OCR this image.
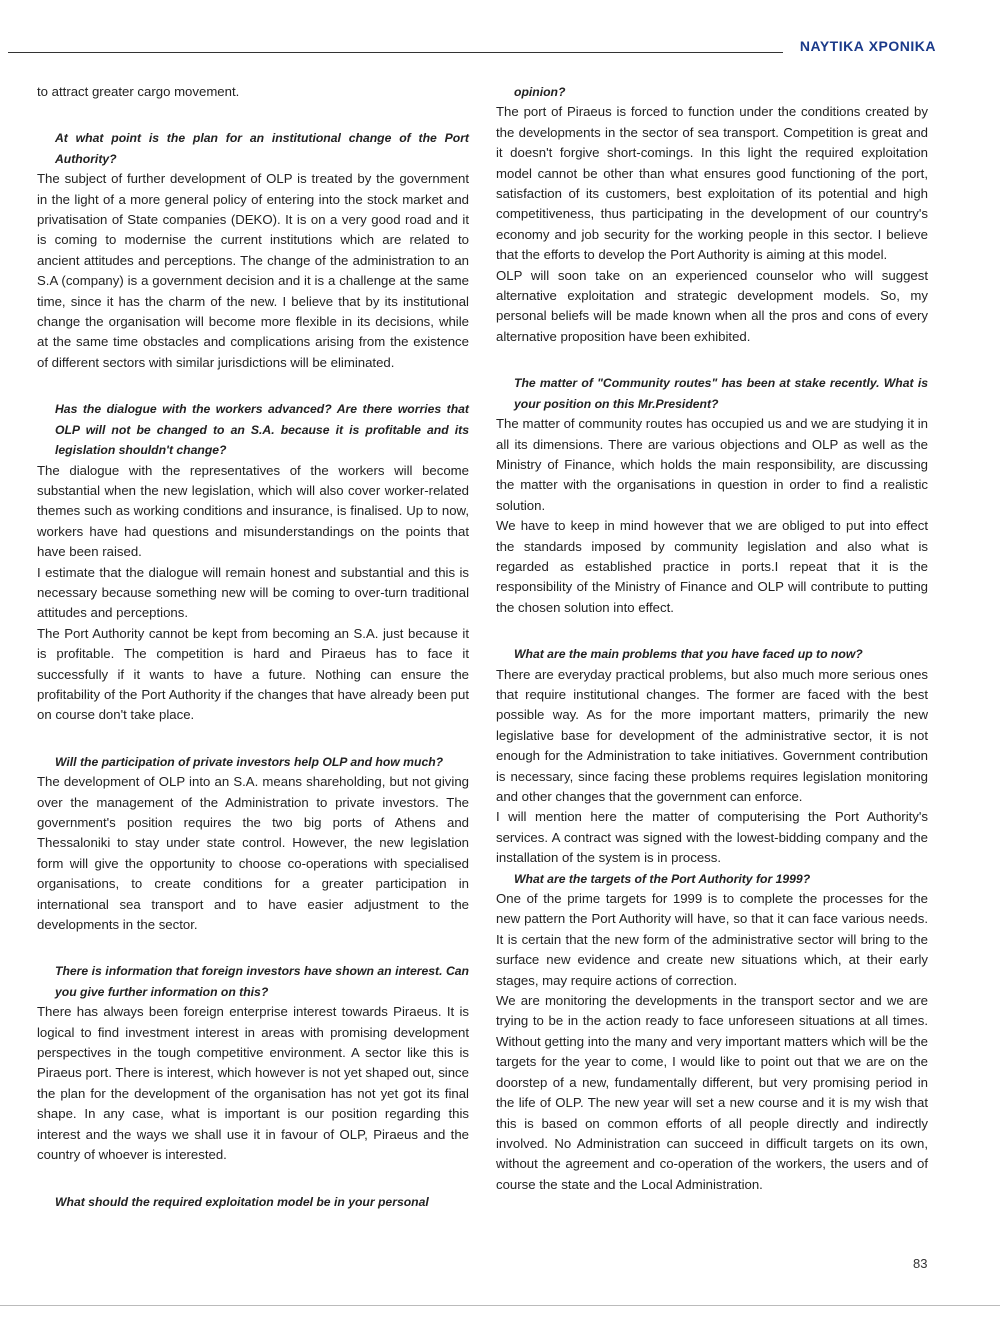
ΝΑΥΤΙΚΑ ΧΡΟΝΙΚΑ

to attract greater cargo movement.

At what point is the plan for an institutional change of the Port Authority?

The subject of further development of OLP is treated by the government in the light of a more general policy of entering into the stock market and privatisation of State companies (DEKO). It is on a very good road and it is coming to modernise the current institutions which are related to ancient attitudes and perceptions. The change of the administration to an S.A (company) is a government decision and it is a challenge at the same time, since it has the charm of the new. I believe that by its institutional change the organisation will become more flexible in its decisions, while at the same time obstacles and complications arising from the existence of different sectors with similar jurisdictions will be eliminated.

Has the dialogue with the workers advanced? Are there worries that OLP will not be changed to an S.A. because it is profitable and its legislation shouldn't change?

The dialogue with the representatives of the workers will become substantial when the new legislation, which will also cover worker-related themes such as working conditions and insurance, is finalised. Up to now, workers have had questions and misunderstandings on the points that have been raised.

I estimate that the dialogue will remain honest and substantial and this is necessary because something new will be coming to over-turn traditional attitudes and perceptions.

The Port Authority cannot be kept from becoming an S.A. just because it is profitable. The competition is hard and Piraeus has to face it successfully if it wants to have a future. Nothing can ensure the profitability of the Port Authority if the changes that have already been put on course don't take place.

Will the participation of private investors help OLP and how much?

The development of OLP into an S.A. means shareholding, but not giving over the management of the Administration to private investors. The government's position requires the two big ports of Athens and Thessaloniki to stay under state control. However, the new legislation form will give the opportunity to choose co-operations with specialised organisations, to create conditions for a greater participation in international sea transport and to have easier adjustment to the developments in the sector.

There is information that foreign investors have shown an interest. Can you give further information on this?

There has always been foreign enterprise interest towards Piraeus. It is logical to find investment interest in areas with promising development perspectives in the tough competitive environment. A sector like this is Piraeus port. There is interest, which however is not yet shaped out, since the plan for the development of the organisation has not yet got its final shape. In any case, what is important is our position regarding this interest and the ways we shall use it in favour of OLP, Piraeus and the country of whoever is interested.

What should the required exploitation model be in your personal

opinion?

The port of Piraeus is forced to function under the conditions created by the developments in the sector of sea transport. Competition is great and it doesn't forgive short-comings. In this light the required exploitation model cannot be other than what ensures good functioning of the port, satisfaction of its customers, best exploitation of its potential and high competitiveness, thus participating in the development of our country's economy and job security for the working people in this sector. I believe that the efforts to develop the Port Authority is aiming at this model.

OLP will soon take on an experienced counselor who will suggest alternative exploitation and strategic development models. So, my personal beliefs will be made known when all the pros and cons of every alternative proposition have been exhibited.

The matter of "Community routes" has been at stake recently. What is your position on this Mr.President?

The matter of community routes has occupied us and we are studying it in all its dimensions. There are various objections and OLP as well as the Ministry of Finance, which holds the main responsibility, are discussing the matter with the organisations in question in order to find a realistic solution.

We have to keep in mind however that we are obliged to put into effect the standards imposed by community legislation and also what is regarded as established practice in ports.I repeat that it is the responsibility of the Ministry of Finance and OLP will contribute to putting the chosen solution into effect.

What are the main problems that you have faced up to now?

There are everyday practical problems, but also much more serious ones that require institutional changes. The former are faced with the best possible way. As for the more important matters, primarily the new legislative base for development of the administrative sector, it is not enough for the Administration to take initiatives. Government contribution is necessary, since facing these problems requires legislation monitoring and other changes that the government can enforce.

I will mention here the matter of computerising the Port Authority's services. A contract was signed with the lowest-bidding company and the installation of the system is in process.

What are the targets of the Port Authority for 1999?

One of the prime targets for 1999 is to complete the processes for the new pattern the Port Authority will have, so that it can face various needs. It is certain that the new form of the administrative sector will bring to the surface new evidence and create new situations which, at their early stages, may require actions of correction.

We are monitoring the developments in the transport sector and we are trying to be in the action ready to face unforeseen situations at all times. Without getting into the many and very important matters which will be the targets for the year to come, I would like to point out that we are on the doorstep of a new, fundamentally different, but very promising period in the life of OLP. The new year will set a new course and it is my wish that this is based on common efforts of all people directly and indirectly involved. No Administration can succeed in difficult targets on its own, without the agreement and co-operation of the workers, the users and of course the state and the Local Administration.

83
